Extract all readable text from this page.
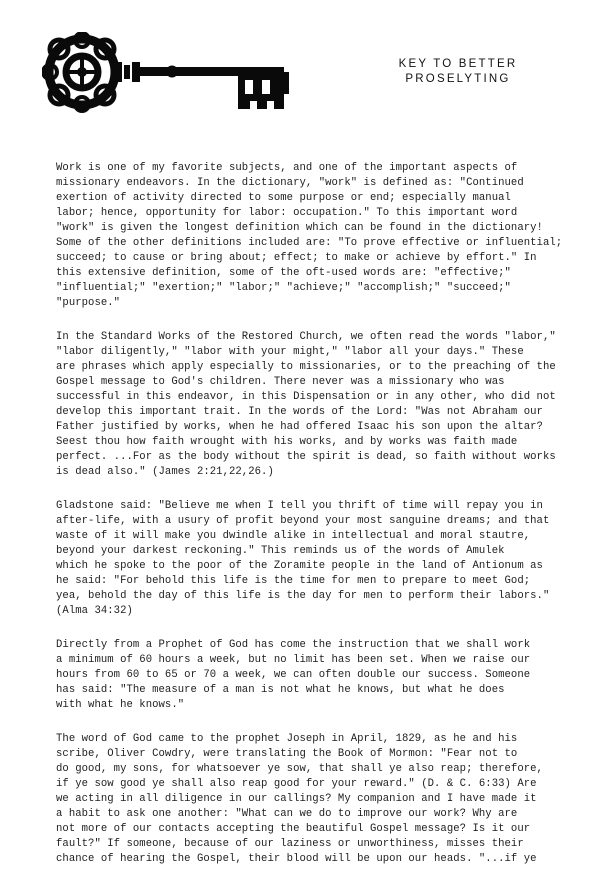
KEY TO BETTER
PROSELYTING
Work is one of my favorite subjects, and one of the important aspects of
missionary endeavors. In the dictionary, "work" is defined as: "Continued
exertion of activity directed to some purpose or end; especially manual
labor; hence, opportunity for labor: occupation." To this important word
"work" is given the longest definition which can be found in the dictionary!
Some of the other definitions included are: "To prove effective or influential;
succeed; to cause or bring about; effect; to make or achieve by effort." In
this extensive definition, some of the oft-used words are: "effective;"
"influential;" "exertion;" "labor;" "achieve;" "accomplish;" "succeed;"
"purpose."
In the Standard Works of the Restored Church, we often read the words "labor,"
"labor diligently," "labor with your might," "labor all your days." These
are phrases which apply especially to missionaries, or to the preaching of the
Gospel message to God's children. There never was a missionary who was
successful in this endeavor, in this Dispensation or in any other, who did not
develop this important trait. In the words of the Lord: "Was not Abraham our
Father justified by works, when he had offered Isaac his son upon the altar?
Seest thou how faith wrought with his works, and by works was faith made
perfect. ...For as the body without the spirit is dead, so faith without works
is dead also." (James 2:21,22,26.)
Gladstone said: "Believe me when I tell you thrift of time will repay you in
after-life, with a usury of profit beyond your most sanguine dreams; and that
waste of it will make you dwindle alike in intellectual and moral stautre,
beyond your darkest reckoning." This reminds us of the words of Amulek
which he spoke to the poor of the Zoramite people in the land of Antionum as
he said: "For behold this life is the time for men to prepare to meet God;
yea, behold the day of this life is the day for men to perform their labors."
(Alma 34:32)
Directly from a Prophet of God has come the instruction that we shall work
a minimum of 60 hours a week, but no limit has been set. When we raise our
hours from 60 to 65 or 70 a week, we can often double our success. Someone
has said: "The measure of a man is not what he knows, but what he does
with what he knows."
The word of God came to the prophet Joseph in April, 1829, as he and his
scribe, Oliver Cowdry, were translating the Book of Mormon: "Fear not to
do good, my sons, for whatsoever ye sow, that shall ye also reap; therefore,
if ye sow good ye shall also reap good for your reward." (D. & C. 6:33) Are
we acting in all diligence in our callings? My companion and I have made it
a habit to ask one another: "What can we do to improve our work? Why are
not more of our contacts accepting the beautiful Gospel message? Is it our
fault?" If someone, because of our laziness or unworthiness, misses their
chance of hearing the Gospel, their blood will be upon our heads. "...if ye
